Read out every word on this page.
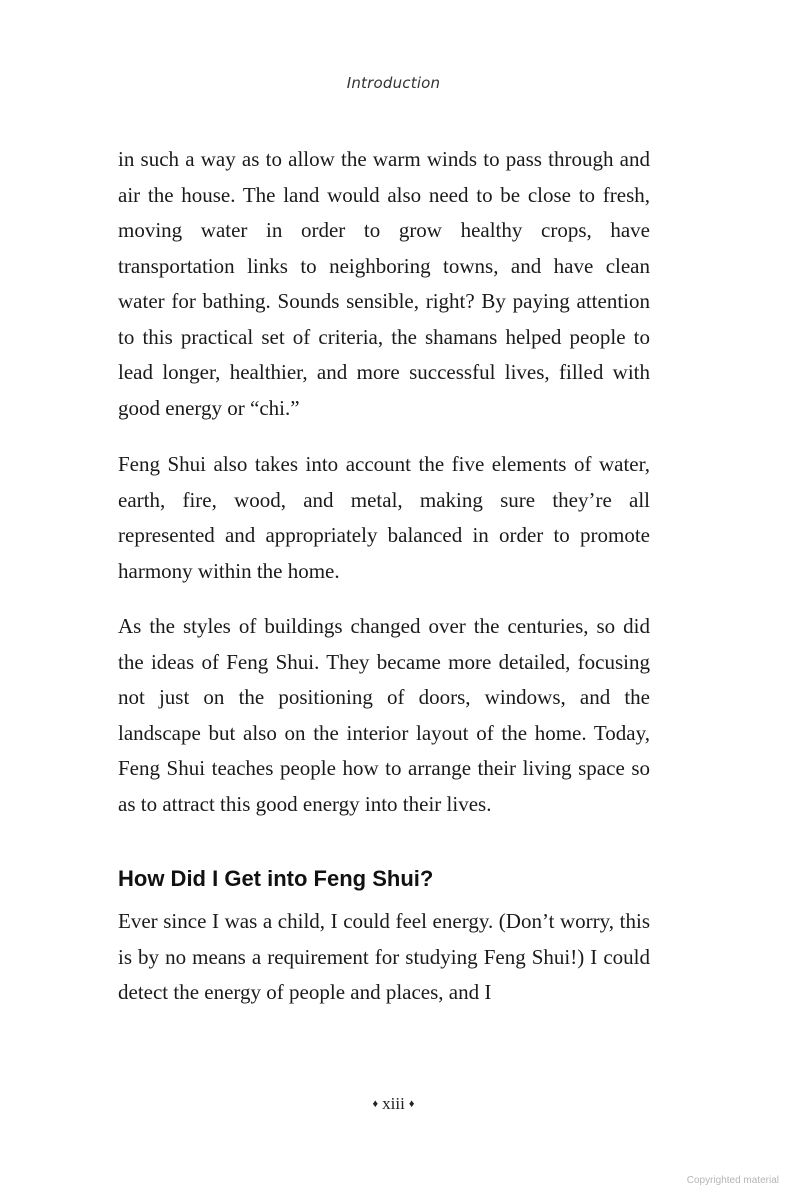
Introduction

in such a way as to allow the warm winds to pass through and air the house. The land would also need to be close to fresh, moving water in order to grow healthy crops, have transportation links to neighboring towns, and have clean water for bathing. Sounds sensible, right? By paying attention to this practical set of criteria, the shamans helped people to lead longer, healthier, and more successful lives, filled with good energy or “chi.”

Feng Shui also takes into account the five elements of water, earth, fire, wood, and metal, making sure they’re all represented and appropriately balanced in order to promote harmony within the home.

As the styles of buildings changed over the centuries, so did the ideas of Feng Shui. They became more detailed, focusing not just on the positioning of doors, windows, and the landscape but also on the interior layout of the home. Today, Feng Shui teaches people how to arrange their living space so as to attract this good energy into their lives.

How Did I Get into Feng Shui?

Ever since I was a child, I could feel energy. (Don’t worry, this is by no means a requirement for studying Feng Shui!) I could detect the energy of people and places, and I

♦ xiii ♦
Copyrighted material
